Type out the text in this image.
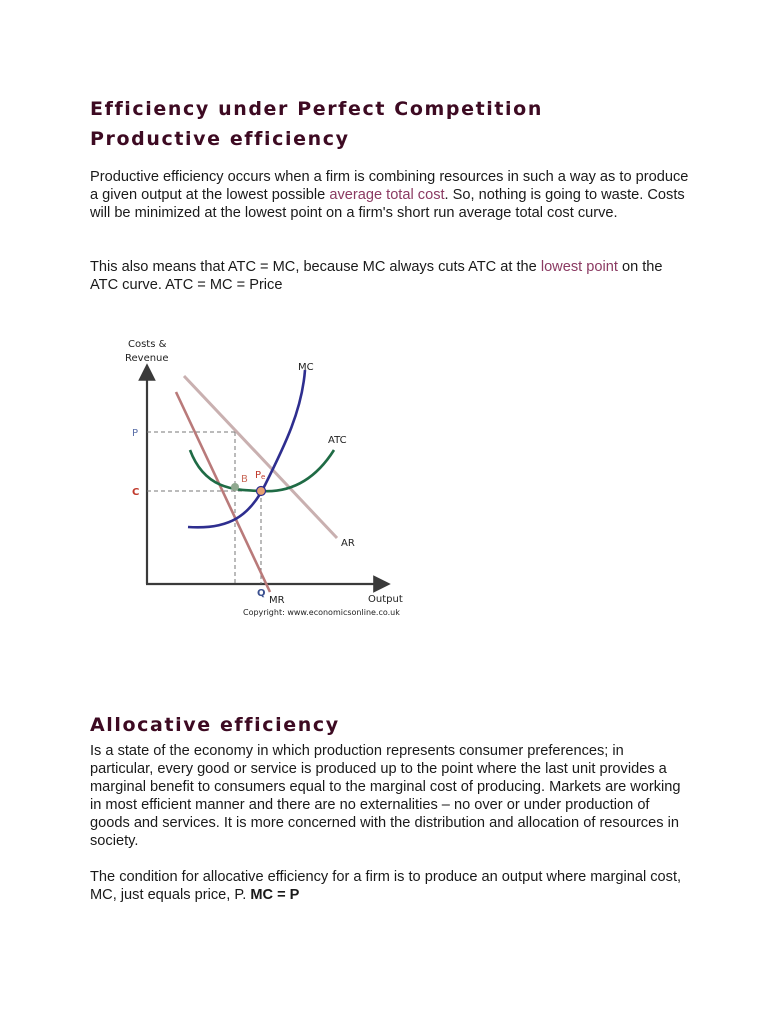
Efficiency under Perfect Competition
Productive efficiency

Productive efficiency occurs when a firm is combining resources in such a way as to produce a given output at the lowest possible average total cost. So, nothing is going to waste. Costs will be minimized at the lowest point on a firm's short run average total cost curve.

This also means that ATC = MC, because MC always cuts ATC at the lowest point on the ATC curve. ATC = MC = Price

Allocative efficiency

Is a state of the economy in which production represents consumer preferences; in particular, every good or service is produced up to the point where the last unit provides a marginal benefit to consumers equal to the marginal cost of producing. Markets are working in most efficient manner and there are no externalities – no over or under production of goods and services. It is more concerned with the distribution and allocation of resources in society.

The condition for allocative efficiency for a firm is to produce an output where marginal cost, MC, just equals price, P. MC = P

Costs &
Revenue
Output
P
C
Q
B Pe
MC
ATC
AR
MR
Copyright: www.economicsonline.co.uk
